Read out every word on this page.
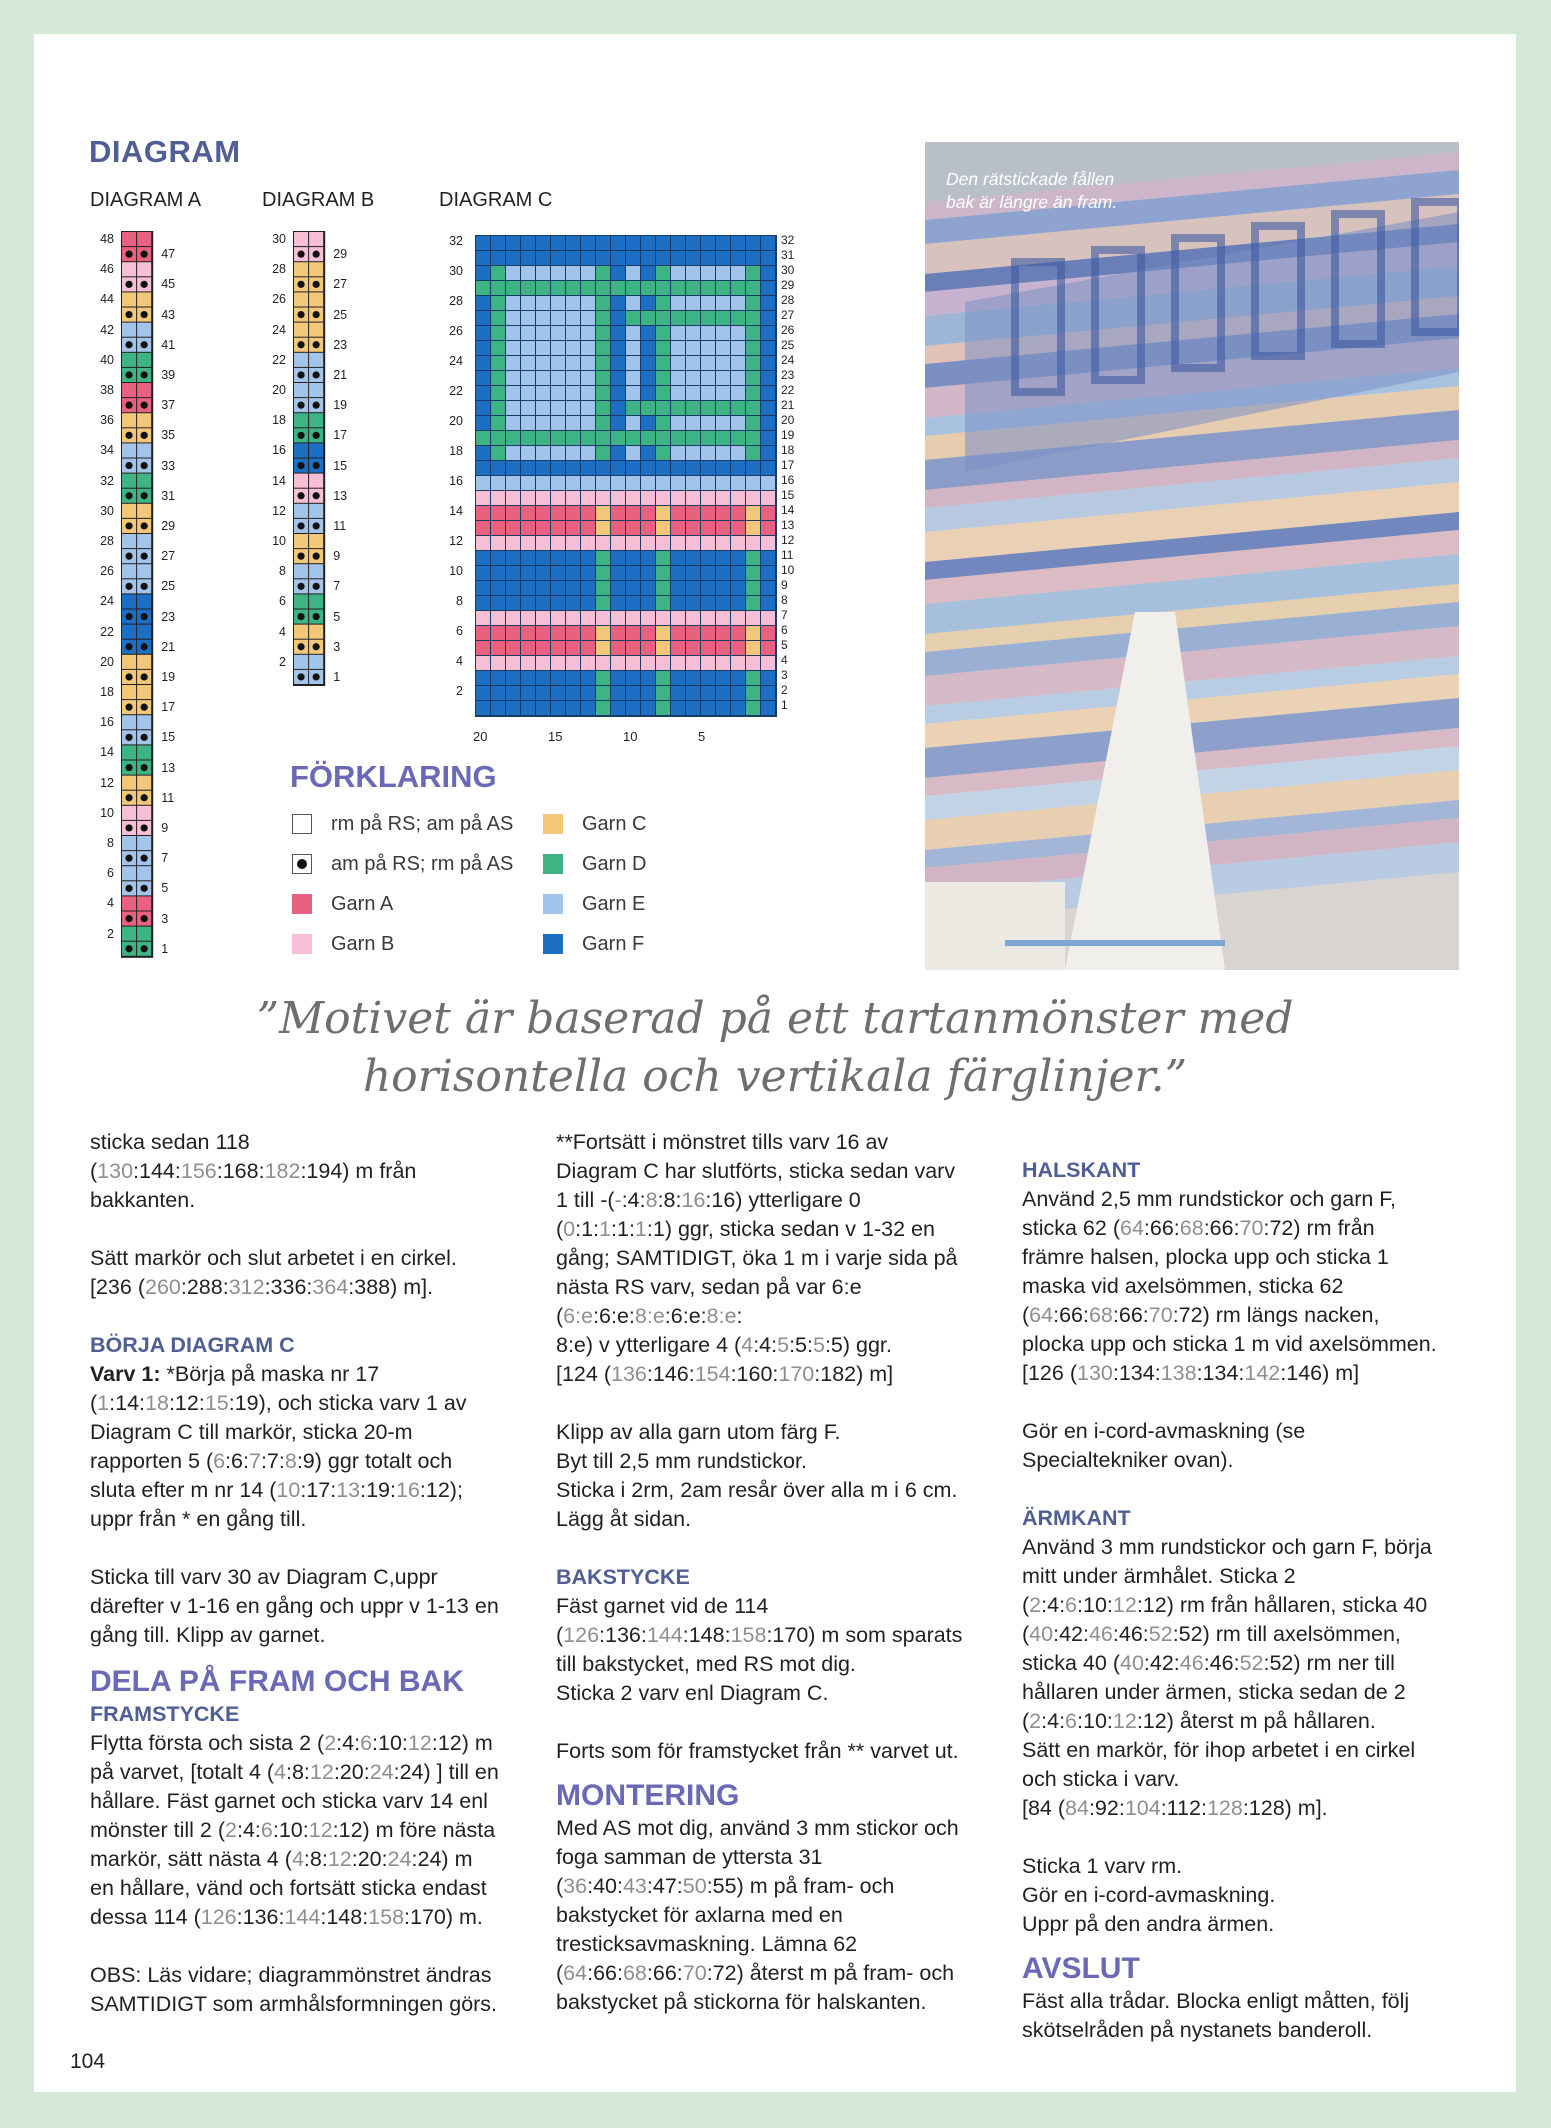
DIAGRAM
DIAGRAM A	DIAGRAM B	DIAGRAM C
48
46
44
42
40
38
36
34
32
30
28
26
24
22
20
18
16
14
12
10
8
6
4
2
47
45
43
41
39
37
35
33
31
29
27
25
23
21
19
17
15
13
11
9
7
5
3
1
30
28
26
24
22
20
18
16
14
12
10
8
6
4
2
29
27
25
23
21
19
17
15
13
11
9
7
5
3
1
32
30
28
26
24
22
20
18
16
14
12
10
8
6
4
2
32
31
30
29
28
27
26
25
24
23
22
21
20
19
18
17
16
15
14
13
12
11
10
9
8
7
6
5
4
3
2
1
20	15	10	5
FÖRKLARING
rm på RS; am på AS
am på RS; rm på AS
Garn A
Garn B
Garn C
Garn D
Garn E
Garn F
Den rätstickade fållen
bak är längre än fram.
”Motivet är baserad på ett tartanmönster med
horisontella och vertikala färglinjer.”

sticka sedan 118

(130:144:156:168:182:194) m från

bakkanten.

Sätt markör och slut arbetet i en cirkel.

[236 (260:288:312:336:364:388) m].

BÖRJA DIAGRAM C

Varv 1: *Börja på maska nr 17

(1:14:18:12:15:19), och sticka varv 1 av

Diagram C till markör, sticka 20-m

rapporten 5 (6:6:7:7:8:9) ggr totalt och

sluta efter m nr 14 (10:17:13:19:16:12);

uppr från * en gång till.

Sticka till varv 30 av Diagram C,uppr

därefter v 1-16 en gång och uppr v 1-13 en

gång till. Klipp av garnet.

DELA PÅ FRAM OCH BAK

FRAMSTYCKE

Flytta första och sista 2 (2:4:6:10:12:12) m

på varvet, [totalt 4 (4:8:12:20:24:24) ] till en

hållare. Fäst garnet och sticka varv 14 enl

mönster till 2 (2:4:6:10:12:12) m före nästa

markör, sätt nästa 4 (4:8:12:20:24:24) m

en hållare, vänd och fortsätt sticka endast

dessa 114 (126:136:144:148:158:170) m.

OBS: Läs vidare; diagrammönstret ändras

SAMTIDIGT som armhålsformningen görs.

**Fortsätt i mönstret tills varv 16 av

Diagram C har slutförts, sticka sedan varv

1 till -(-:4:8:8:16:16) ytterligare 0

(0:1:1:1:1:1) ggr, sticka sedan v 1-32 en

gång; SAMTIDIGT, öka 1 m i varje sida på

nästa RS varv, sedan på var 6:e

(6:e:6:e:8:e:6:e:8:e:

8:e) v ytterligare 4 (4:4:5:5:5:5) ggr.

[124 (136:146:154:160:170:182) m]

Klipp av alla garn utom färg F.

Byt till 2,5 mm rundstickor.

Sticka i 2rm, 2am resår över alla m i 6 cm.

Lägg åt sidan.

BAKSTYCKE

Fäst garnet vid de 114

(126:136:144:148:158:170) m som sparats

till bakstycket, med RS mot dig.

Sticka 2 varv enl Diagram C.

Forts som för framstycket från ** varvet ut.

MONTERING

Med AS mot dig, använd 3 mm stickor och

foga samman de yttersta 31

(36:40:43:47:50:55) m på fram- och

bakstycket för axlarna med en

tresticksavmaskning. Lämna 62

(64:66:68:66:70:72) återst m på fram- och

bakstycket på stickorna för halskanten.

HALSKANT

Använd 2,5 mm rundstickor och garn F,

sticka 62 (64:66:68:66:70:72) rm från

främre halsen, plocka upp och sticka 1

maska vid axelsömmen, sticka 62

(64:66:68:66:70:72) rm längs nacken,

plocka upp och sticka 1 m vid axelsömmen.

[126 (130:134:138:134:142:146) m]

Gör en i-cord-avmaskning (se

Specialtekniker ovan).

ÄRMKANT

Använd 3 mm rundstickor och garn F, börja

mitt under ärmhålet. Sticka 2

(2:4:6:10:12:12) rm från hållaren, sticka 40

(40:42:46:46:52:52) rm till axelsömmen,

sticka 40 (40:42:46:46:52:52) rm ner till

hållaren under ärmen, sticka sedan de 2

(2:4:6:10:12:12) återst m på hållaren.

Sätt en markör, för ihop arbetet i en cirkel

och sticka i varv.

[84 (84:92:104:112:128:128) m].

Sticka 1 varv rm.

Gör en i-cord-avmaskning.

Uppr på den andra ärmen.

AVSLUT

Fäst alla trådar. Blocka enligt måtten, följ

skötselråden på nystanets banderoll.

104
